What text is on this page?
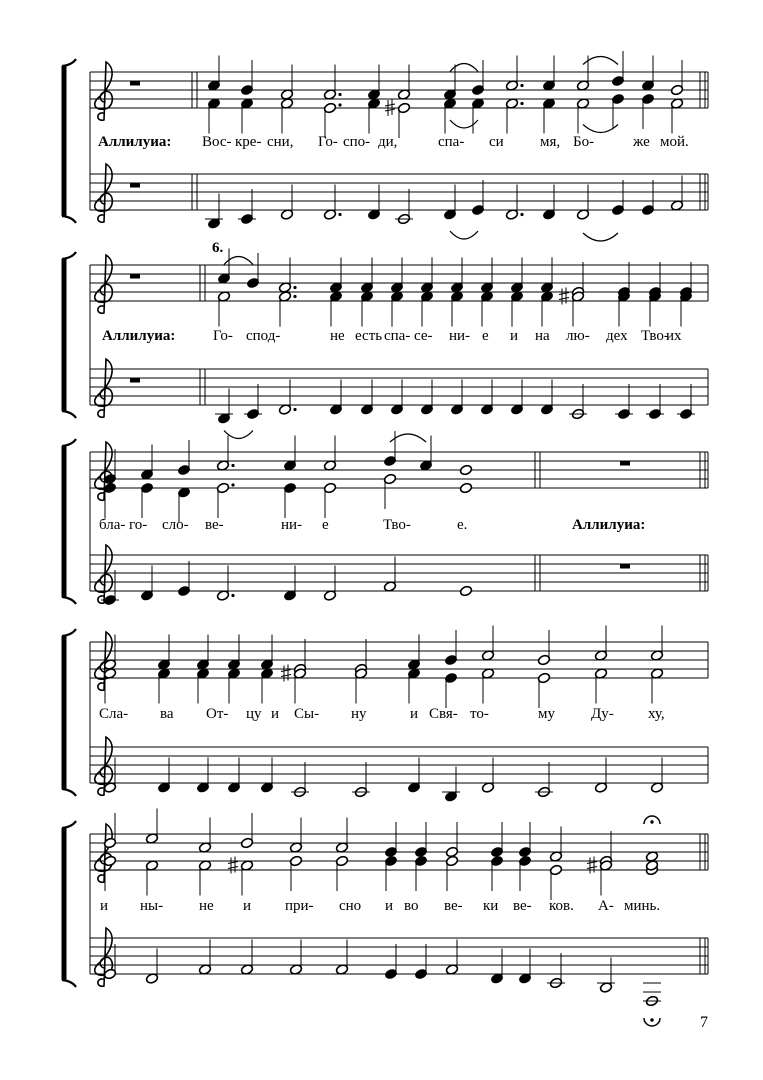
Аллилуиа: Вос- кре- сни, Го- спо- ди,	спа- си мя, Бо-	же мой.
6.
Аллилуиа:	Го- спод-	не есть спа- се- ни- е и на лю- дех Тво-
их
бла- го- сло- ве-	ни- е	Тво-	е.	Аллилуиа:
Сла- ва От- цу и Сы- ну	и Свя- то-	му Ду- ху,
и ны- не и при- сно и во ве- ки ве- ков. А- минь.
7
